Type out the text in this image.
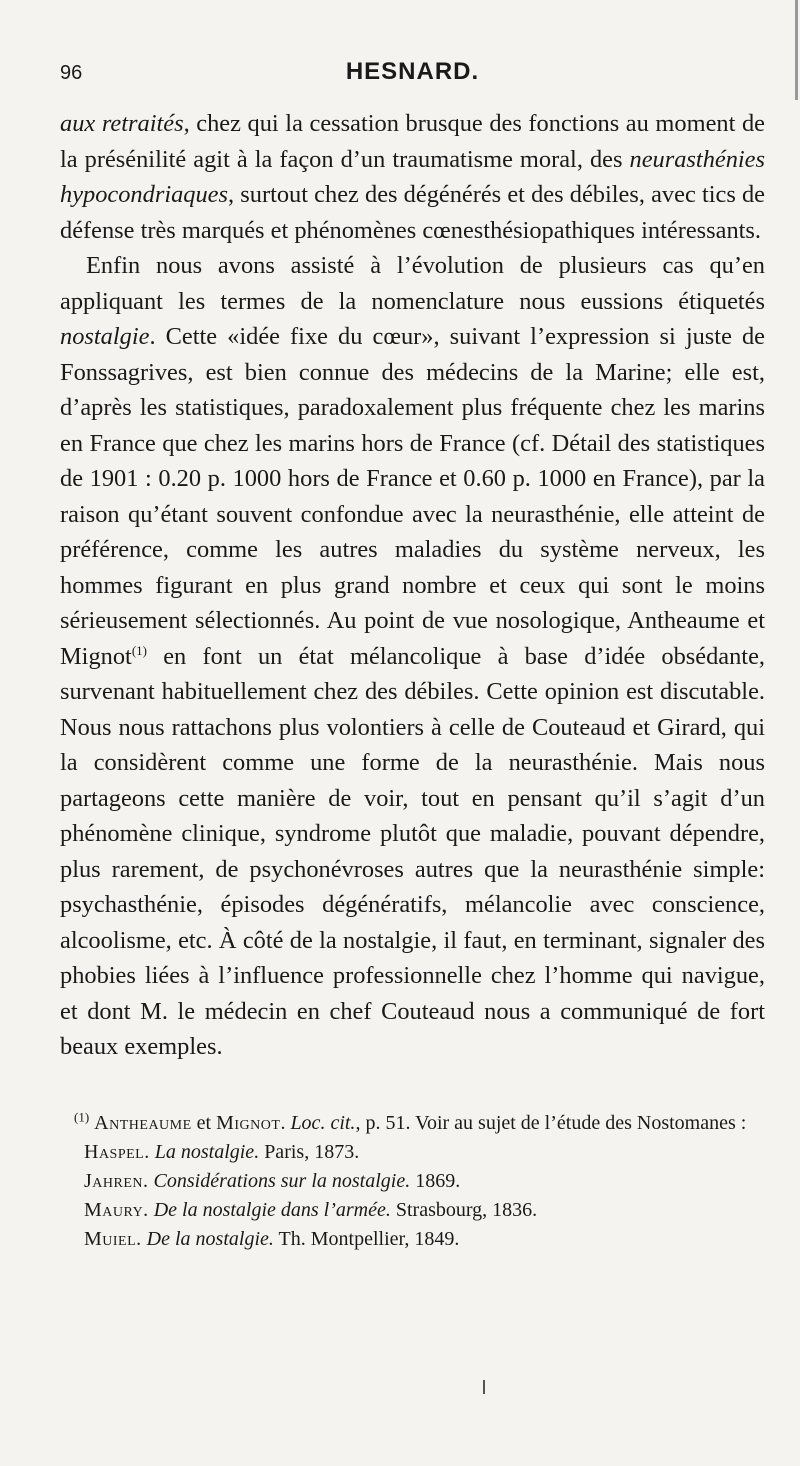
96	HESNARD.

aux retraités, chez qui la cessation brusque des fonctions au moment de la présénilité agit à la façon d’un traumatisme moral, des neurasthénies hypocondriaques, surtout chez des dégénérés et des débiles, avec tics de défense très marqués et phénomènes cœnesthésiopathiques intéressants.

Enfin nous avons assisté à l’évolution de plusieurs cas qu’en appliquant les termes de la nomenclature nous eussions étiquetés nostalgie. Cette «idée fixe du cœur», suivant l’expression si juste de Fonssagrives, est bien connue des médecins de la Marine; elle est, d’après les statistiques, paradoxalement plus fréquente chez les marins en France que chez les marins hors de France (cf. Détail des statistiques de 1901 : 0.20 p. 1000 hors de France et 0.60 p. 1000 en France), par la raison qu’étant souvent confondue avec la neurasthénie, elle atteint de préférence, comme les autres maladies du système nerveux, les hommes figurant en plus grand nombre et ceux qui sont le moins sérieusement sélectionnés. Au point de vue nosologique, Antheaume et Mignot$^{(1)}$ en font un état mélancolique à base d’idée obsédante, survenant habituellement chez des débiles. Cette opinion est discutable. Nous nous rattachons plus volontiers à celle de Couteaud et Girard, qui la considèrent comme une forme de la neurasthénie. Mais nous partageons cette manière de voir, tout en pensant qu’il s’agit d’un phénomène clinique, syndrome plutôt que maladie, pouvant dépendre, plus rarement, de psychonévroses autres que la neurasthénie simple: psychasthénie, épisodes dégénératifs, mélancolie avec conscience, alcoolisme, etc. À côté de la nostalgie, il faut, en terminant, signaler des phobies liées à l’influence professionnelle chez l’homme qui navigue, et dont M. le médecin en chef Couteaud nous a communiqué de fort beaux exemples.

$^{(1)}$ Antheaume et Mignot. Loc. cit., p. 51. Voir au sujet de l’étude des Nostomanes :
Haspel. La nostalgie. Paris, 1873.
Jahren. Considérations sur la nostalgie. 1869.
Maury. De la nostalgie dans l’armée. Strasbourg, 1836.
Muiel. De la nostalgie. Th. Montpellier, 1849.
